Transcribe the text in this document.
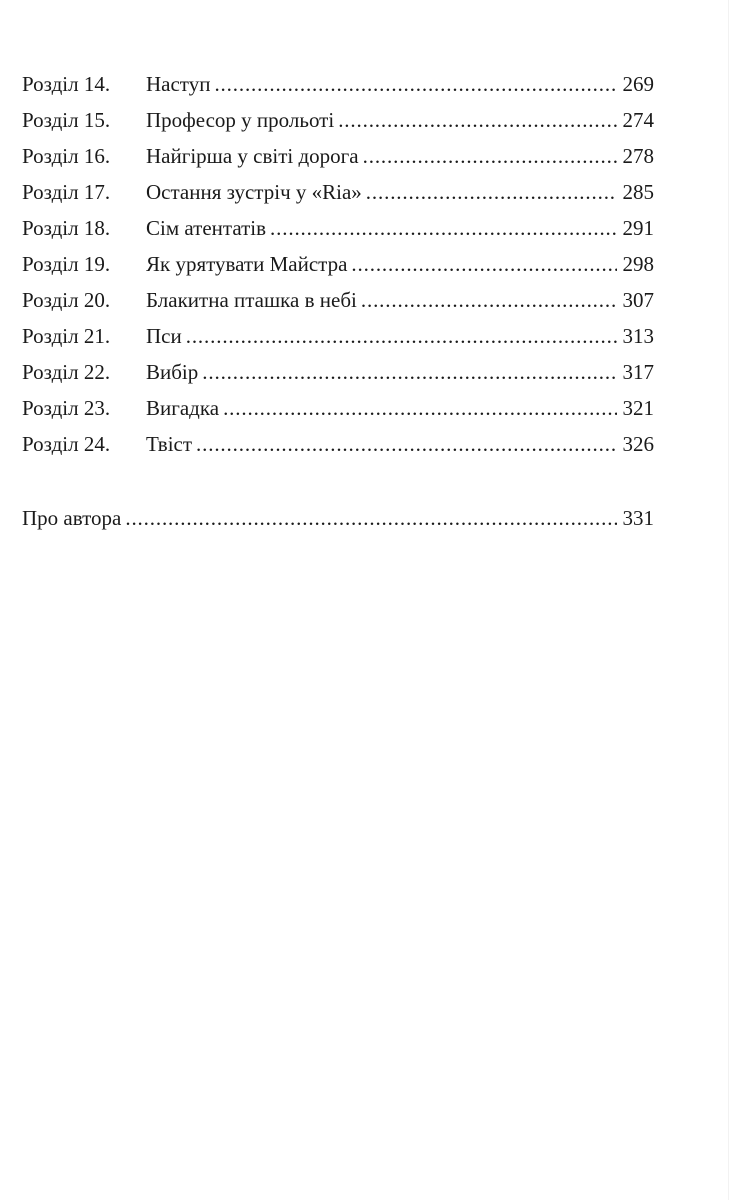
Розділ 14.	Наступ . . .	269
Розділ 15.	Професор у прольоті . . .	274
Розділ 16.	Найгірша у світі дорога . . .	278
Розділ 17.	Остання зустріч у «Ria» . . .	285
Розділ 18.	Сім атентатів . . .	291
Розділ 19.	Як урятувати Майстра . . .	298
Розділ 20.	Блакитна пташка в небі . . .	307
Розділ 21.	Пси . . .	313
Розділ 22.	Вибір . . .	317
Розділ 23.	Вигадка . . .	321
Розділ 24.	Твіст . . .	326
Про автора . . .	331
